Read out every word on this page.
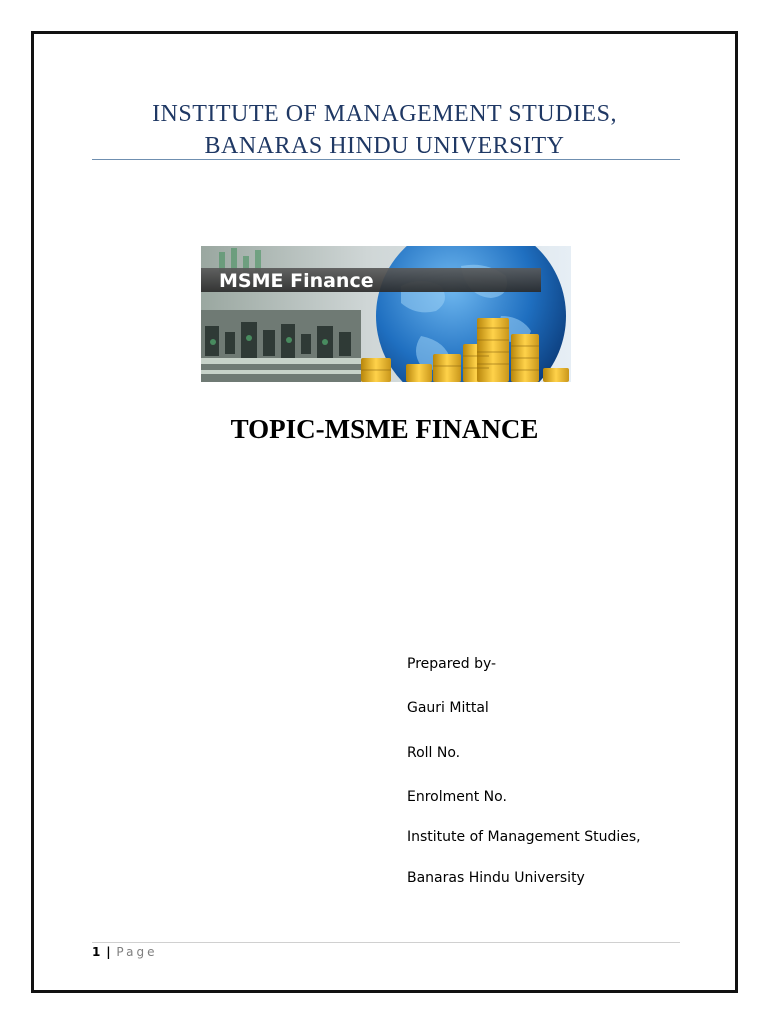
INSTITUTE OF MANAGEMENT STUDIES,
BANARAS HINDU UNIVERSITY
MSME Finance
TOPIC-MSME FINANCE
Prepared by-
Gauri Mittal
Roll No.
Enrolment No.
Institute of Management Studies,
Banaras Hindu University
1 | Page
